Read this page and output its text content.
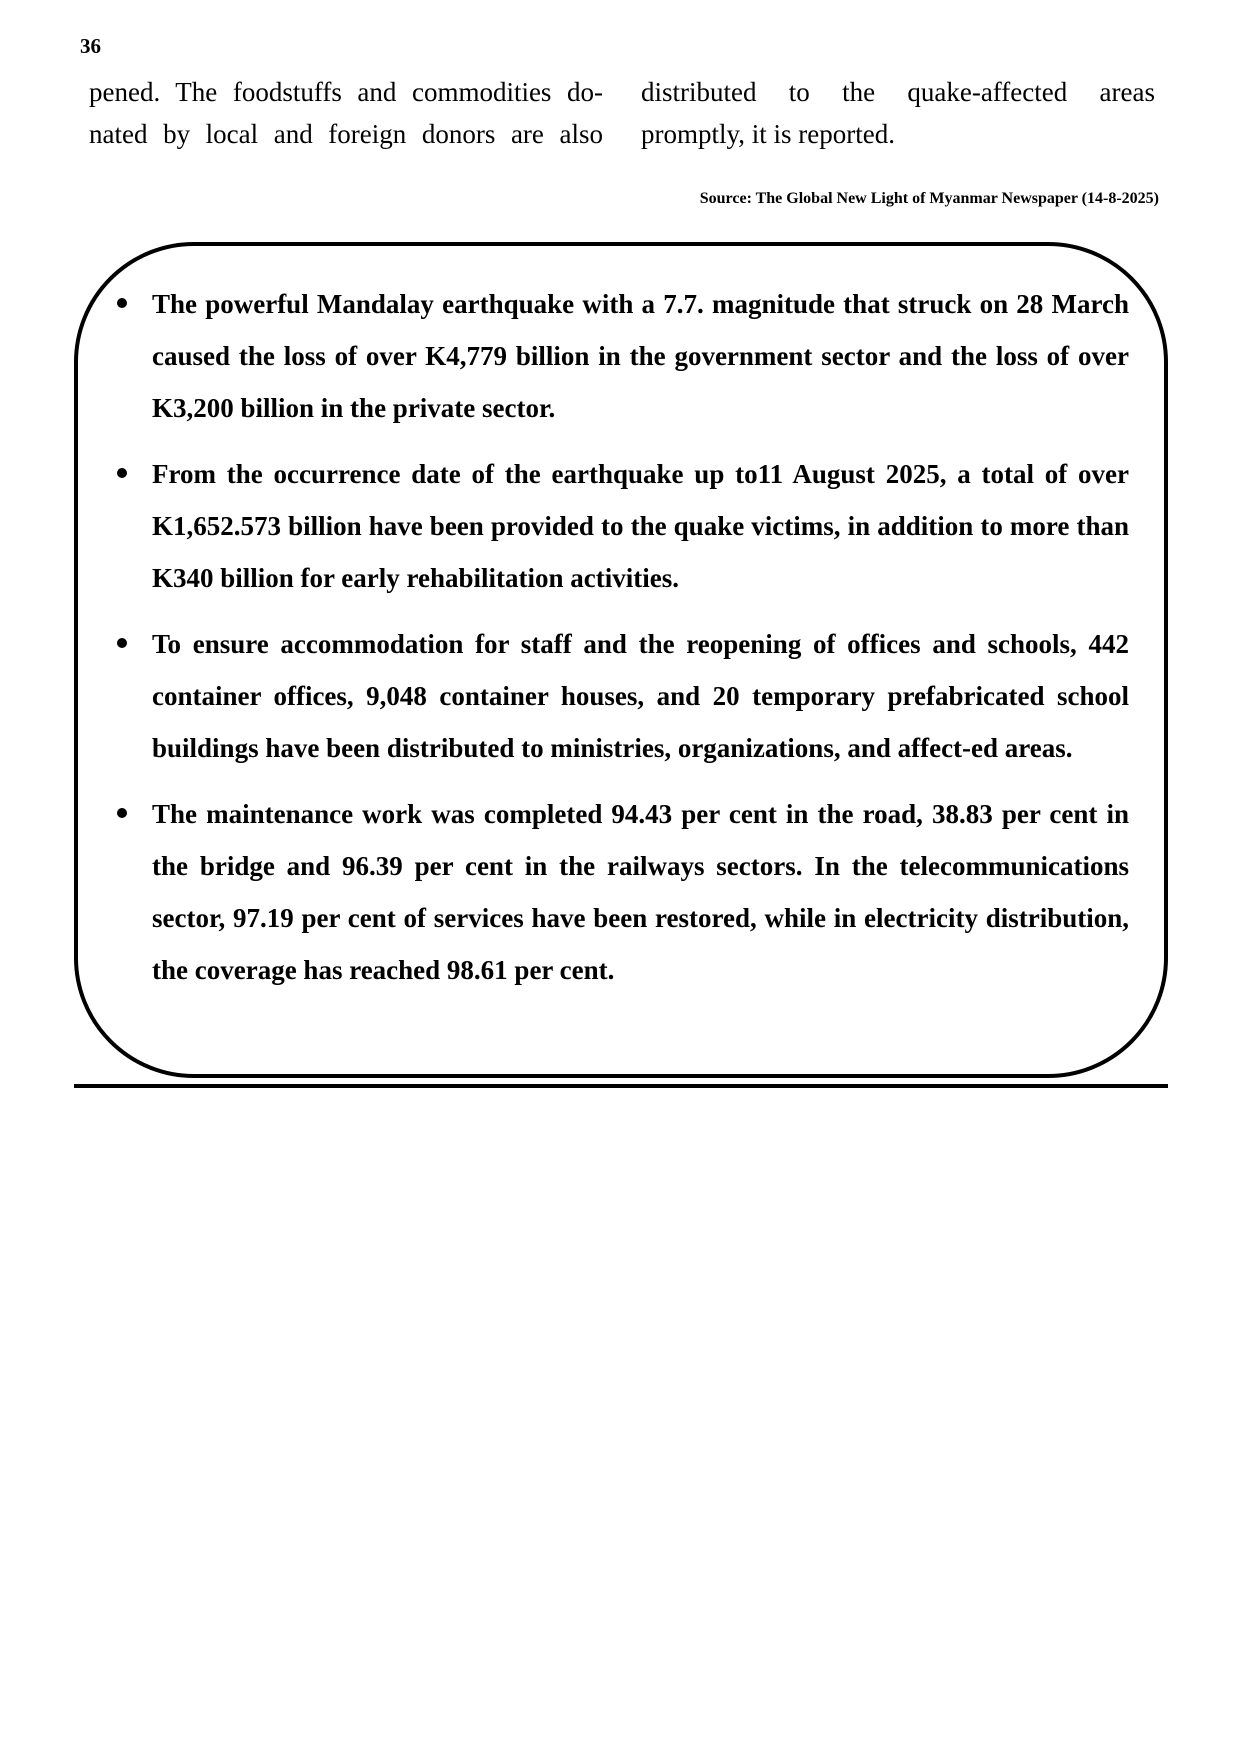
36
pened. The foodstuffs and commodities do-
nated by local and foreign donors are also
distributed to the quake-affected areas
promptly, it is reported.
Source: The Global New Light of Myanmar Newspaper (14-8-2025)
The powerful Mandalay earthquake with a 7.7. magnitude that struck on 28 March caused the loss of over K4,779 billion in the government sector and the loss of over K3,200 billion in the private sector.
From the occurrence date of the earthquake up to11 August 2025, a total of over K1,652.573 billion have been provided to the quake victims, in addition to more than K340 billion for early rehabilitation activities.
To ensure accommodation for staff and the reopening of offices and schools, 442 container offices, 9,048 container houses, and 20 temporary prefabricated school buildings have been distributed to ministries, organizations, and affect-ed areas.
The maintenance work was completed 94.43 per cent in the road, 38.83 per cent in the bridge and 96.39 per cent in the railways sectors. In the telecommunications sector, 97.19 per cent of services have been restored, while in electricity distribution, the coverage has reached 98.61 per cent.
